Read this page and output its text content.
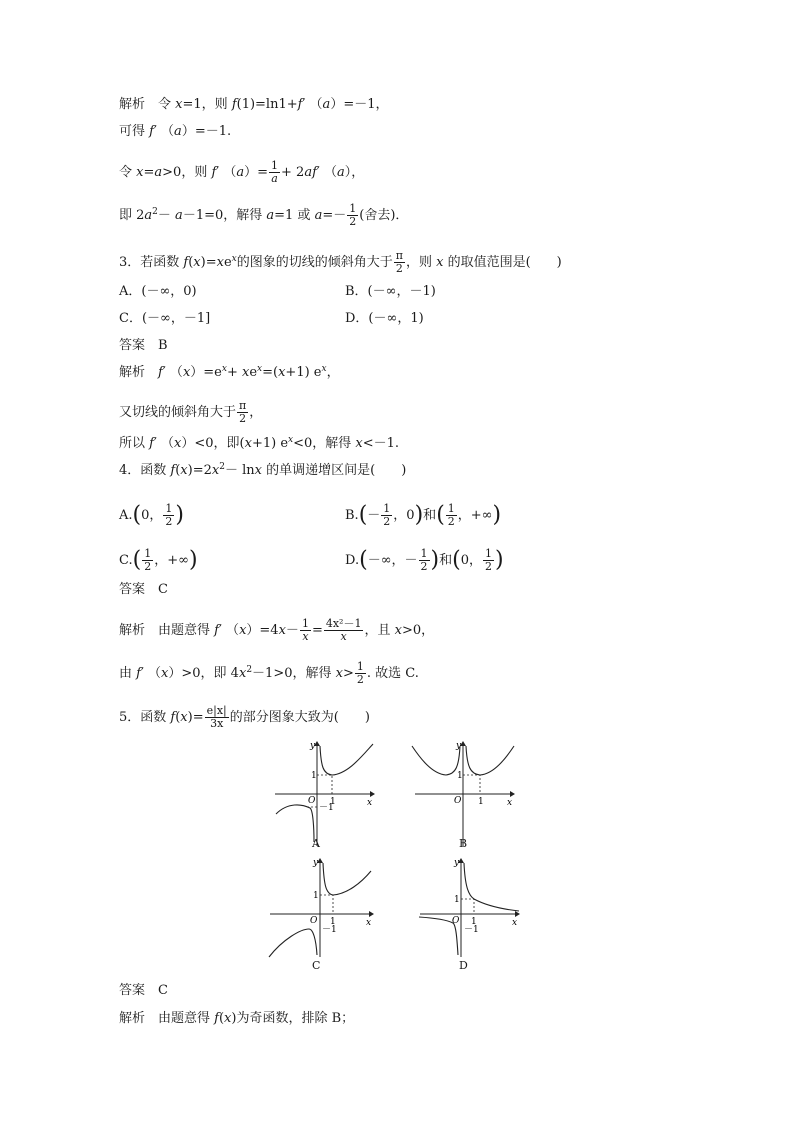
解析　 令 x=1，则 f(1)=ln1+f′ （a）=－1，
可得 f′ （a）=－1.
令 x=a>0，则 f′ $(a)= \frac{1}{a} + 2af'$ （a），
即 $2a^2- a-1=0$，解得 a=1 或 $a=- \frac{1}{2}$ (舍去)．
3．若函数 $f(x)=xe^x$的图象的切线的倾斜角大于 $\frac{\pi}{2}$ ，则 x 的取值范围是(　　)
A．(－∞，0)	B．(－∞，－1)
C．(－∞，－1]	D．(－∞，1)
答案　B
解析　 f′ $(x)=e^x+ xe^x=(x+1)$ $e^x$，
又切线的倾斜角大于 $\frac{\pi}{2}$ ，
所以 f′ （x）<0，即(x+1) $e^x<0$，解得 x<－1.
4．函数 $f(x)=2x^2- \ln x$ 的单调递增区间是(　　)
A.(0， $\frac{1}{2}$ )	$B.(- \frac{1}{2}$ ，0)和( $\frac{1}{2}$ ，+∞)
$C.( \frac{1}{2}$ ，+∞)	D.(－∞，－ $\frac{1}{2}$ )和(0， $\frac{1}{2}$ )
答案　C
解析　由题意得 f′ $(x)=4x- \frac{1}{x} = \frac{\text{4x²－1}}{x}$ ，且 x>0，
由 f′ （x）>0，即 $4x^2-1>0$，解得 $x> \frac{1}{2}$ . 故选 C.
5．函数 $f(x)= \frac{e|x|}{3x}$ 的部分图象大致为(　　)
y
x
O
1
1
－1
A
y
x
O
1
1
B
y
x
O
1
1
－1
C
y
x
O
1
1
－1
D
答案　C
解析　由题意得 f(x)为奇函数，排除 B；
